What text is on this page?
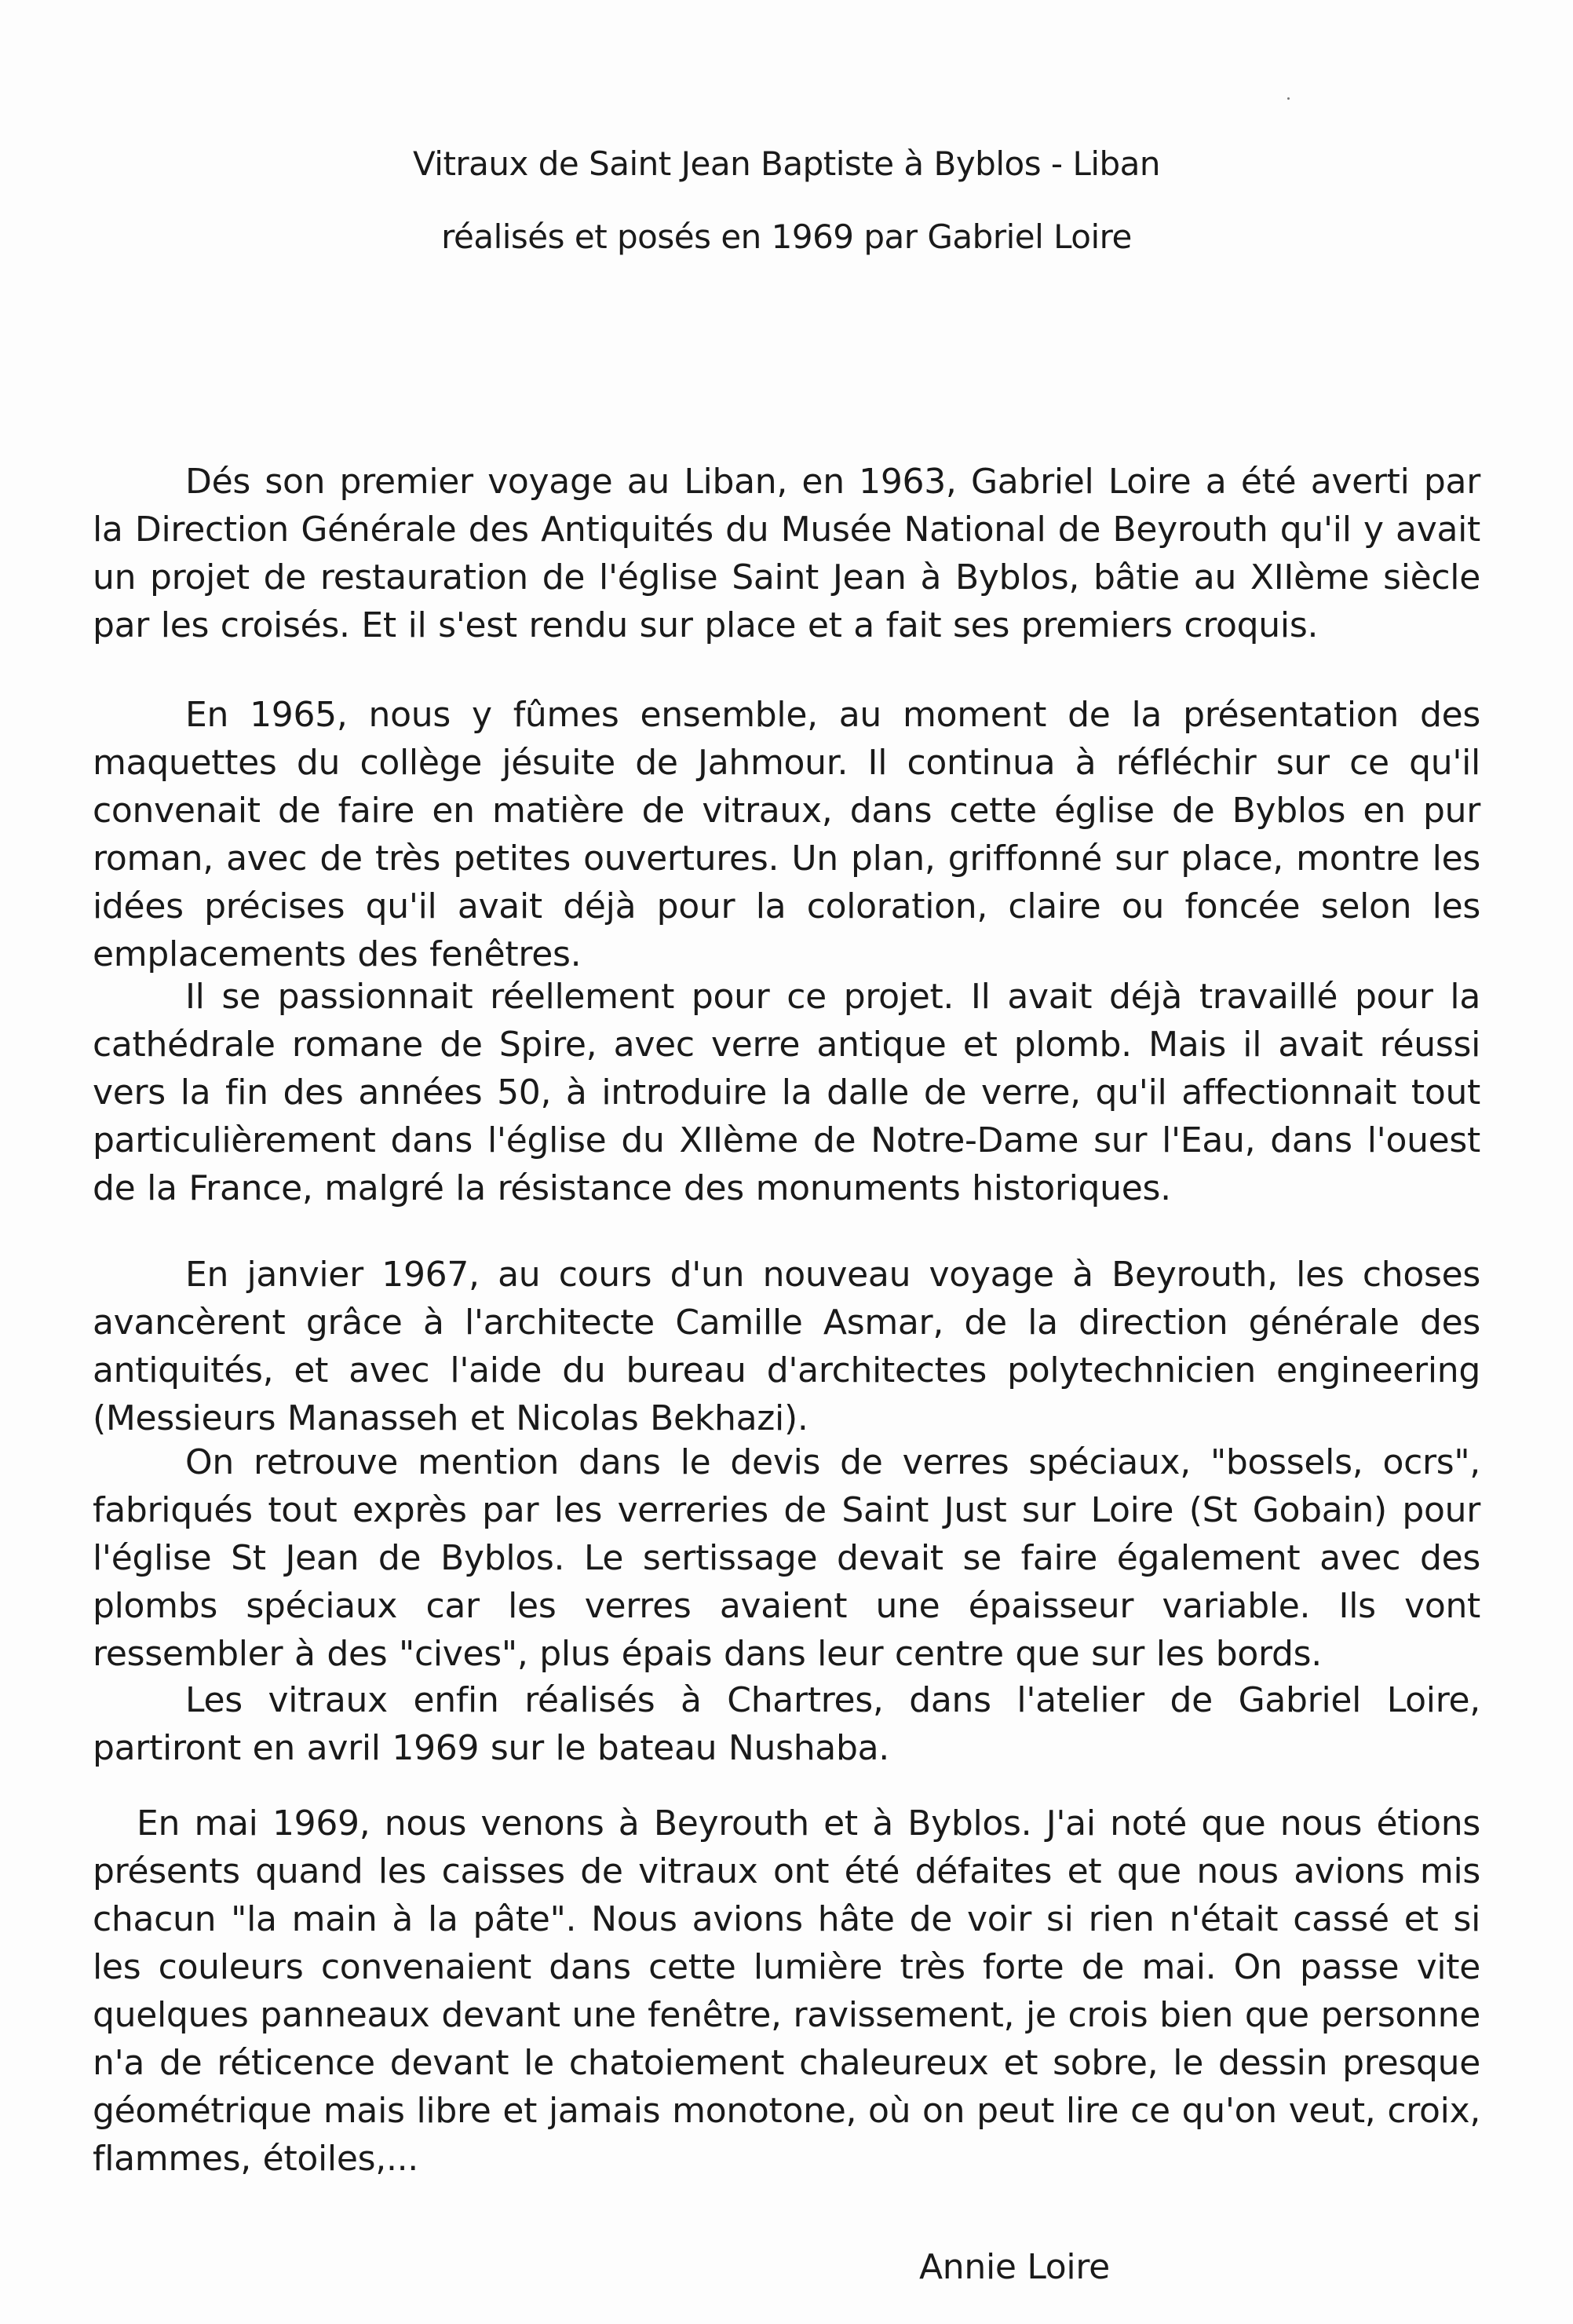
Vitraux de Saint Jean Baptiste à Byblos - Liban
réalisés et posés en 1969 par Gabriel Loire

Dés son premier voyage au Liban, en 1963, Gabriel Loire a été averti par la Direction Générale des Antiquités du Musée National de Beyrouth qu'il y avait un projet de restauration de l'église Saint Jean à Byblos, bâtie au XIIème siècle par les croisés. Et il s'est rendu sur place et a fait ses premiers croquis.

En 1965, nous y fûmes ensemble, au moment de la présentation des maquettes du collège jésuite de Jahmour. Il continua à réfléchir sur ce qu'il convenait de faire en matière de vitraux, dans cette église de Byblos en pur roman, avec de très petites ouvertures. Un plan, griffonné sur place, montre les idées précises qu'il avait déjà pour la coloration, claire ou foncée selon les emplacements des fenêtres.

Il se passionnait réellement pour ce projet. Il avait déjà travaillé pour la cathédrale romane de Spire, avec verre antique et plomb. Mais il avait réussi vers la fin des années 50, à introduire la dalle de verre, qu'il affectionnait tout particulièrement dans l'église du XIIème de Notre-Dame sur l'Eau, dans l'ouest de la France, malgré la résistance des monuments historiques.

En janvier 1967, au cours d'un nouveau voyage à Beyrouth, les choses avancèrent grâce à l'architecte Camille Asmar, de la direction générale des antiquités, et avec l'aide du bureau d'architectes polytechnicien engineering (Messieurs Manasseh et Nicolas Bekhazi).

On retrouve mention dans le devis de verres spéciaux, "bossels, ocrs", fabriqués tout exprès par les verreries de Saint Just sur Loire (St Gobain) pour l'église St Jean de Byblos. Le sertissage devait se faire également avec des plombs spéciaux car les verres avaient une épaisseur variable. Ils vont ressembler à des "cives", plus épais dans leur centre que sur les bords.

Les vitraux enfin réalisés à Chartres, dans l'atelier de Gabriel Loire, partiront en avril 1969 sur le bateau Nushaba.

En mai 1969, nous venons à Beyrouth et à Byblos. J'ai noté que nous étions présents quand les caisses de vitraux ont été défaites et que nous avions mis chacun "la main à la pâte". Nous avions hâte de voir si rien n'était cassé et si les couleurs convenaient dans cette lumière très forte de mai. On passe vite quelques panneaux devant une fenêtre, ravissement, je crois bien que personne n'a de réticence devant le chatoiement chaleureux et sobre, le dessin presque géométrique mais libre et jamais monotone, où on peut lire ce qu'on veut, croix, flammes, étoiles,...

Annie Loire
